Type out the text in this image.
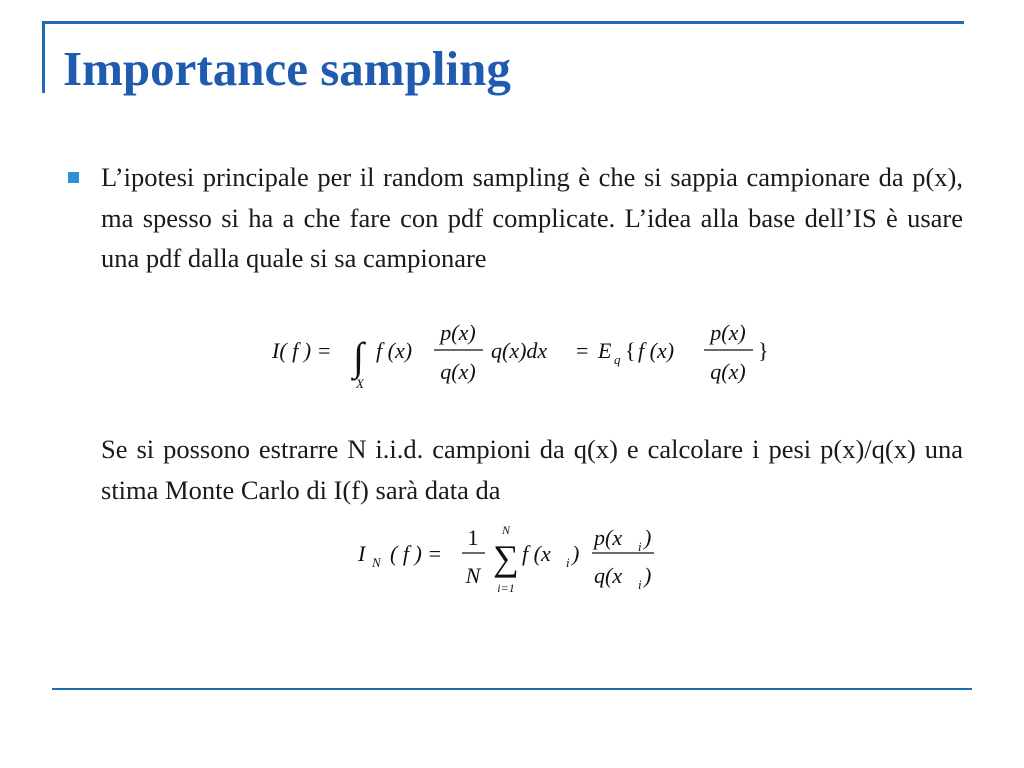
Importance sampling

L’ipotesi principale per il random sampling è che si sappia campionare da p(x), ma spesso si ha a che fare con pdf complicate. L’idea alla base dell’IS è usare una pdf dalla quale si sa campionare

I( f ) = ∫
X
f (x)
p(x)
q(x)
q(x)dx = E q { f (x)
p(x)
q(x)
}

Se si possono estrarre N i.i.d. campioni da q(x) e calcolare i pesi p(x)/q(x) una stima Monte Carlo di I(f) sarà data da

I N ( f ) =
1
N
N
∑
i=1
f (x i )
p(x i )
q(x i )
